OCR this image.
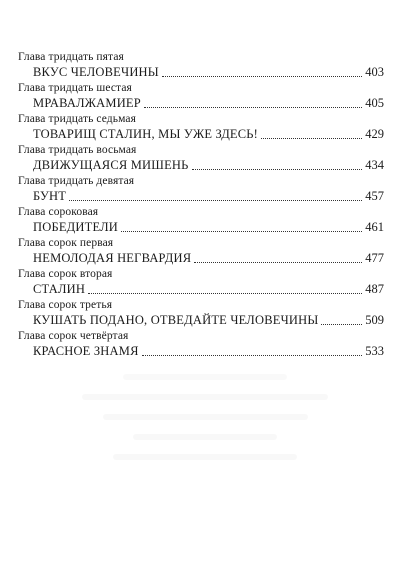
Глава тридцать пятая
ВКУС ЧЕЛОВЕЧИНЫ	403
Глава тридцать шестая
МРАВАЛЖАМИЕР	405
Глава тридцать седьмая
ТОВАРИЩ СТАЛИН, МЫ УЖЕ ЗДЕСЬ!	429
Глава тридцать восьмая
ДВИЖУЩАЯСЯ МИШЕНЬ	434
Глава тридцать девятая
БУНТ	457
Глава сороковая
ПОБЕДИТЕЛИ	461
Глава сорок первая
НЕМОЛОДАЯ НЕГВАРДИЯ	477
Глава сорок вторая
СТАЛИН	487
Глава сорок третья
КУШАТЬ ПОДАНО, ОТВЕДАЙТЕ ЧЕЛОВЕЧИНЫ	509
Глава сорок четвёртая
КРАСНОЕ ЗНАМЯ	533
